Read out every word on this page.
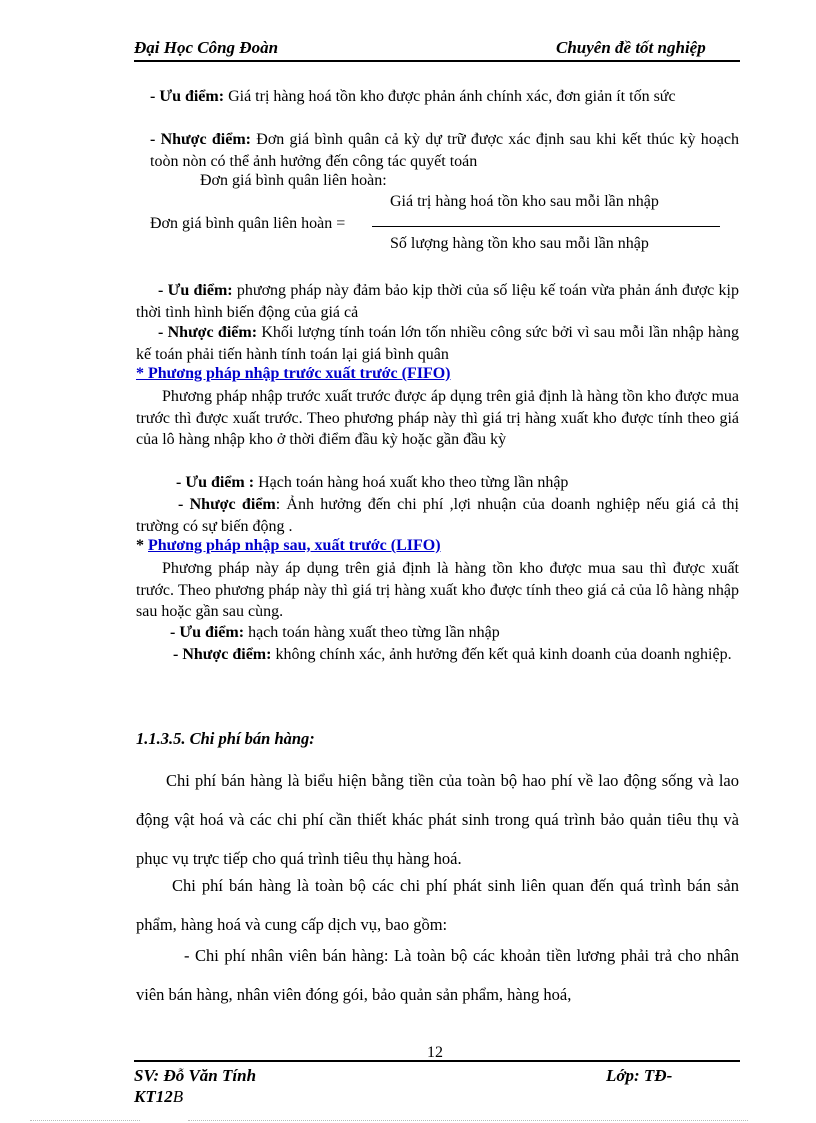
Đại Học Công Đoàn	Chuyên đề tốt nghiệp
- Ưu điểm: Giá trị hàng hoá tồn kho được phản ánh chính xác, đơn giản ít tốn sức
- Nhược điểm: Đơn giá bình quân cả kỳ dự trữ được xác định sau khi kết thúc kỳ hoạch toòn nòn có thể ảnh hưởng đến công tác quyết toán
Đơn giá bình quân liên hoàn:
Giá trị hàng hoá tồn kho sau mỗi lần nhập
Đơn giá bình quân liên hoàn =
Số lượng hàng tồn kho sau mỗi lần nhập
- Ưu điểm: phương pháp này đảm bảo kịp thời của số liệu kế toán vừa phản ánh được kịp thời tình hình biến động của giá cả
- Nhược điểm: Khối lượng tính toán lớn tốn nhiều công sức bởi vì sau mỗi lần nhập hàng kế toán phải tiến hành tính toán lại giá bình quân
* Phương pháp nhập trước xuất trước (FIFO)
Phương pháp nhập trước xuất trước được áp dụng trên giả định là hàng tồn kho được mua trước thì được xuất trước. Theo phương pháp này thì giá trị hàng xuất kho được tính theo giá của lô hàng nhập kho ở thời điểm đầu kỳ hoặc gần đầu kỳ
- Ưu điểm : Hạch toán hàng hoá xuất kho theo từng lần nhập
- Nhược điểm: Ảnh hưởng đến chi phí ,lợi nhuận của doanh nghiệp nếu giá cả thị trường có sự biến động .
* Phương pháp nhập sau, xuất trước (LIFO)
Phương pháp này áp dụng trên giả định là hàng tồn kho được mua sau thì được xuất trước. Theo phương pháp này thì giá trị hàng xuất kho được tính theo giá cả của lô hàng nhập sau hoặc gần sau cùng.
- Ưu điểm: hạch toán hàng xuất theo từng lần nhập
- Nhược điểm: không chính xác, ảnh hưởng đến kết quả kinh doanh của doanh nghiệp.
1.1.3.5. Chi phí bán hàng:
Chi phí bán hàng là biểu hiện bằng tiền của toàn bộ hao phí về lao động sống và lao động vật hoá và các chi phí cần thiết khác phát sinh trong quá trình bảo quản tiêu thụ và phục vụ trực tiếp cho quá trình tiêu thụ hàng hoá.
Chi phí bán hàng là toàn bộ các chi phí phát sinh liên quan đến quá trình bán sản phẩm, hàng hoá và cung cấp dịch vụ, bao gồm:
- Chi phí nhân viên bán hàng: Là toàn bộ các khoản tiền lương phải trả cho nhân viên bán hàng, nhân viên đóng gói, bảo quản sản phẩm, hàng hoá,
12
SV: Đỗ Văn Tính	Lớp: TĐ-
KT12B
